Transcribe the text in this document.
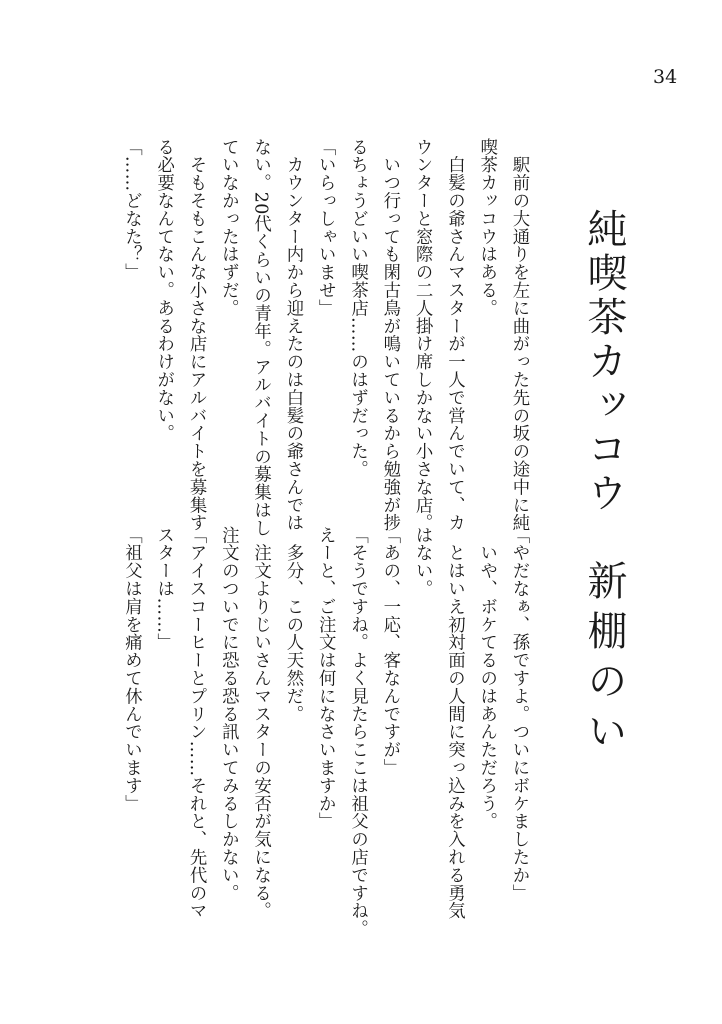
34
純喫茶カッコウ
新棚のい
　駅前の大通りを左に曲がった先の坂の途中に純
喫茶カッコウはある。
　白髪の爺さんマスターが一人で営んでいて、カ
ウンターと窓際の二人掛け席しかない小さな店。
　いつ行っても閑古鳥が鳴いているから勉強が捗
るちょうどいい喫茶店……のはずだった。
「いらっしゃいませ」
　カウンター内から迎えたのは白髪の爺さんでは
ない。20代くらいの青年。アルバイトの募集はし
ていなかったはずだ。
　そもそもこんな小さな店にアルバイトを募集す
る必要なんてない。あるわけがない。
「……どなた？」
「やだなぁ、孫ですよ。ついにボケましたか」
　いや、ボケてるのはあんただろう。
　とはいえ初対面の人間に突っ込みを入れる勇気
はない。
「あの、一応、客なんですが」
「そうですね。よく見たらここは祖父の店ですね。
えーと、ご注文は何になさいますか」
　多分、この人天然だ。
　注文よりじいさんマスターの安否が気になる。
注文のついでに恐る恐る訊いてみるしかない。
「アイスコーヒーとプリン……それと、先代のマ
スターは……」
「祖父は肩を痛めて休んでいます」
